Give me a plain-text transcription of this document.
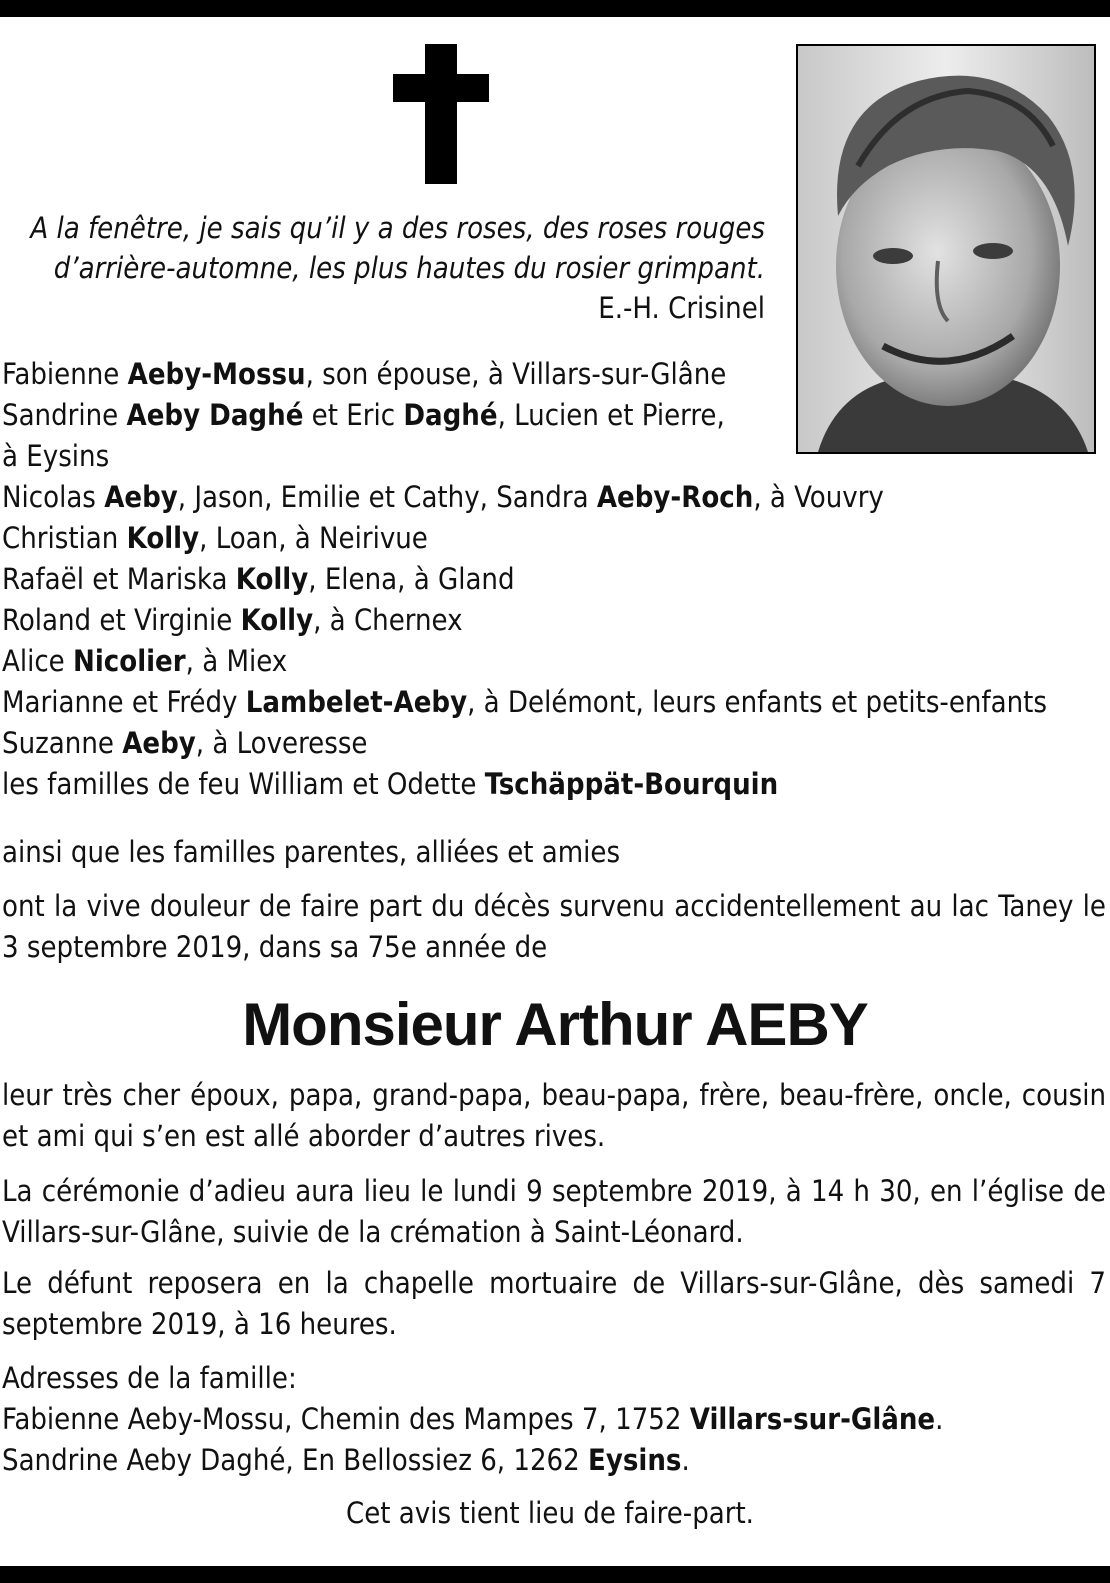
A la fenêtre, je sais qu’il y a des roses, des roses rouges
d’arrière-automne, les plus hautes du rosier grimpant.
E.-H. Crisinel
Fabienne Aeby-Mossu, son épouse, à Villars-sur-Glâne
Sandrine Aeby Daghé et Eric Daghé, Lucien et Pierre,
à Eysins
Nicolas Aeby, Jason, Emilie et Cathy, Sandra Aeby-Roch, à Vouvry
Christian Kolly, Loan, à Neirivue
Rafaël et Mariska Kolly, Elena, à Gland
Roland et Virginie Kolly, à Chernex
Alice Nicolier, à Miex
Marianne et Frédy Lambelet-Aeby, à Delémont, leurs enfants et petits-enfants
Suzanne Aeby, à Loveresse
les familles de feu William et Odette Tschäppät-Bourquin
ainsi que les familles parentes, alliées et amies
ont la vive douleur de faire part du décès survenu accidentellement au lac Taney le 3 septembre 2019, dans sa 75e année de
Monsieur Arthur AEBY
leur très cher époux, papa, grand-papa, beau-papa, frère, beau-frère, oncle, cousin et ami qui s’en est allé aborder d’autres rives.
La cérémonie d’adieu aura lieu le lundi 9 septembre 2019, à 14 h 30, en l’église de Villars-sur-Glâne, suivie de la crémation à Saint-Léonard.
Le défunt reposera en la chapelle mortuaire de Villars-sur-Glâne, dès samedi 7 septembre 2019, à 16 heures.
Adresses de la famille:
Fabienne Aeby-Mossu, Chemin des Mampes 7, 1752 Villars-sur-Glâne.
Sandrine Aeby Daghé, En Bellossiez 6, 1262 Eysins.
Cet avis tient lieu de faire-part.
